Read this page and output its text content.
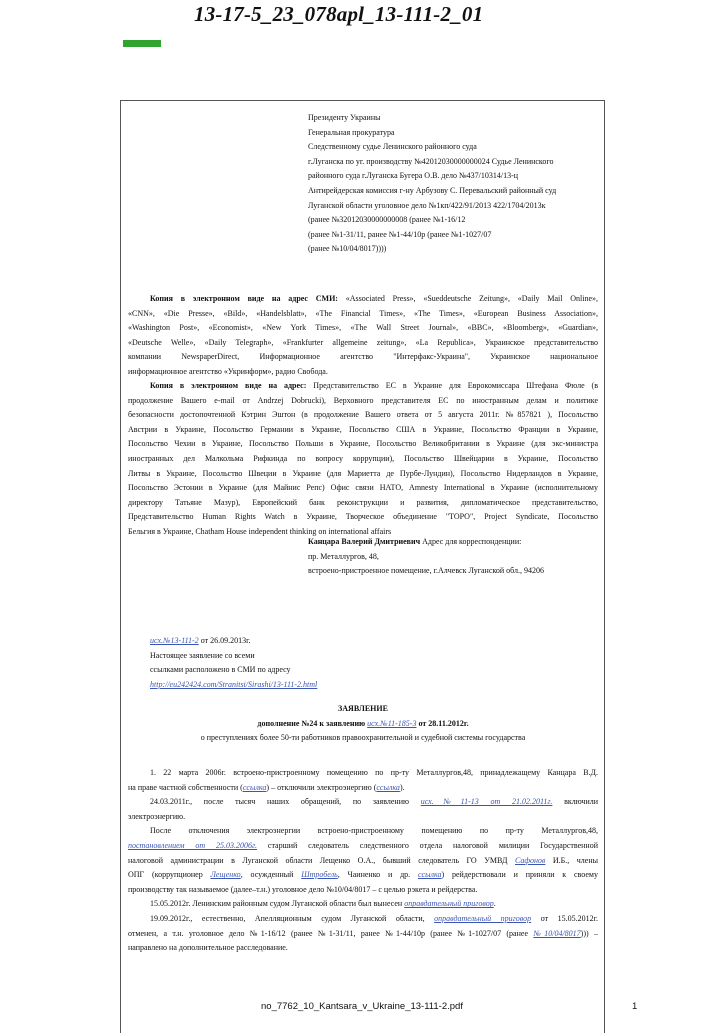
13-17-5_23_078apl_13-111-2_01
Президенту Украины
Генеральная прокуратура
Следственному судье Ленинского районного суда
г.Луганска по уг. производству №42012030000000024 Судье Ленинского
районного суда г.Луганска Бугера О.В. дело №437/10314/13-ц
Антирейдерская комиссия г-ну Арбузову С. Перевальский районный суд
Луганской области уголовное дело №1кп/422/91/2013 422/1704/2013к
(ранее №32012030000000008 (ранее №1-16/12
(ранее №1-31/11, ранее №1-44/10р (ранее №1-1027/07
(ранее №10/04/8017))))
Копия в электронном виде на адрес СМИ: «Associated Press», «Sueddeutsche Zeitung», «Daily Mail Online»,
«CNN», «Die Presse», «Bild», «Handelsblatt», «The Financial Times», «The Times», «European Business Association»,
«Washington Post», «Economist», «New York Times», «The Wall Street Journal», «BBC», «Bloomberg», «Guardian»,
«Deutsche Welle», «Daily Telegraph», «Frankfurter allgemeine zeitung», «La Republica», Украинское представительство
компании NewspaperDirect, Информационное агентство "Интерфакс-Украина", Украинское национальное
информационное агентство «Укринформ», радио Свобода.
Копия в электронном виде на адрес: Представительство ЕС в Украине для Еврокомиссара Штефана Фюле (в
продолжение Вашего e-mail от Andrzej Dobrucki), Верховного представителя ЕС по иностранным делам и политике
безопасности достопочтенной Кэтрин Эштон (в продолжение Вашего ответа от 5 августа 2011г. №857821 ), Посольство
Австрии в Украине, Посольство Германии в Украине, Посольство США в Украине, Посольство Франции в Украине,
Посольство Чехии в Украине, Посольство Польши в Украине, Посольство Великобритании в Украине (для экс-министра
иностранных дел Малкольма Рифкинда по вопросу коррупции), Посольство Швейцарии в Украине, Посольство
Литвы в Украине, Посольство Швеции в Украине (для Мариетта де Пурбе-Лундин), Посольство Нидерландов в Украине,
Посольство Эстонии в Украине (для Майнис Репс) Офис связи НАТО, Amnesty International в Украине (исполнительному
директору Татьяне Мазур), Европейский банк реконструкции и развития, дипломатическое представительство,
Представительство Human Rights Watch в Украине, Творческое объединение "ТОРО", Project Syndicate, Посольство
Бельгия в Украине, Chatham House independent thinking on international affairs
Канцара Валерий Дмитриевич Адрес для корреспонденции:
пр. Металлургов, 48,
встроено-пристроенное помещение, г.Алчевск Луганской обл., 94206
исх.№13-111-2 от 26.09.2013г.
Настоящее заявление со всеми
ссылками расположено в СМИ по адресу
http://eu242424.com/Stranitsi/Sirashi/13-111-2.html
ЗАЯВЛЕНИЕ
дополнение №24 к заявлению исх.№11-185-3 от 28.11.2012г.
о преступлениях более 50-ти работников правоохранительной и судебной системы государства
1. 22 марта 2006г. встроено-пристроенному помещению по пр-ту Металлургов,48, принадлежащему Канцара В.Д.
на праве частной собственности (ссылка) – отключили электроэнергию (ссылка).
24.03.2011г., после тысяч наших обращений, по заявлению исх.№11-13 от 21.02.2011г. включили
электроэнергию.
После отключения электроэнергии встроено-пристроенному помещению по пр-ту Металлургов,48,
постановлением от 25.03.2006г. старший следователь следственного отдела налоговой милиции Государственной
налоговой администрации в Луганской области Лещенко О.А., бывший следователь ГО УМВД Сафонов И.Б., члены
ОПГ (коррупционер Лещенко, осужденный Штробель, Чаиненко и др. ссылка) рейдерствовали и приняли к своему
производству так называемое (далее–т.н.) уголовное дело №10/04/8017 – с целью рэкета и рейдерства.
15.05.2012г. Ленинским районным судом Луганской области был вынесен оправдательный приговор.
19.09.2012г., естественно, Апелляционным судом Луганской области, оправдательный приговор от 15.05.2012г.
отменен, а т.н. уголовное дело №1-16/12 (ранее №1-31/11, ранее №1-44/10р (ранее №1-1027/07 (ранее №10/04/8017))) –
направлено на дополнительное расследование.
no_7762_10_Kantsara_v_Ukraine_13-111-2.pdf	1
